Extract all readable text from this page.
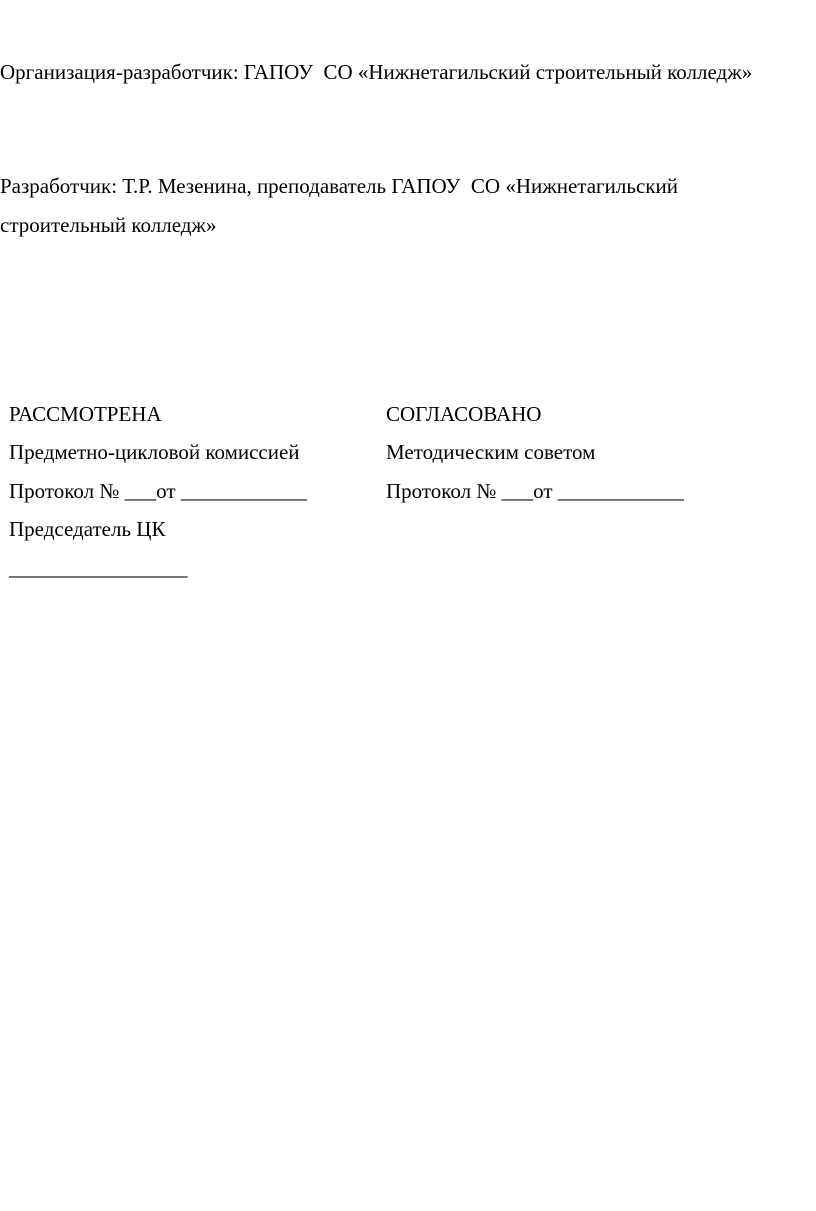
Организация-разработчик: ГАПОУ  СО «Нижнетагильский строительный колледж»
Разработчик: Т.Р. Мезенина, преподаватель ГАПОУ  СО «Нижнетагильский
строительный колледж»
РАССМОТРЕНА
Предметно-цикловой комиссией
Протокол № ___от ____________
Председатель ЦК
_________________
СОГЛАСОВАНО
Методическим советом
Протокол № ___от ____________
